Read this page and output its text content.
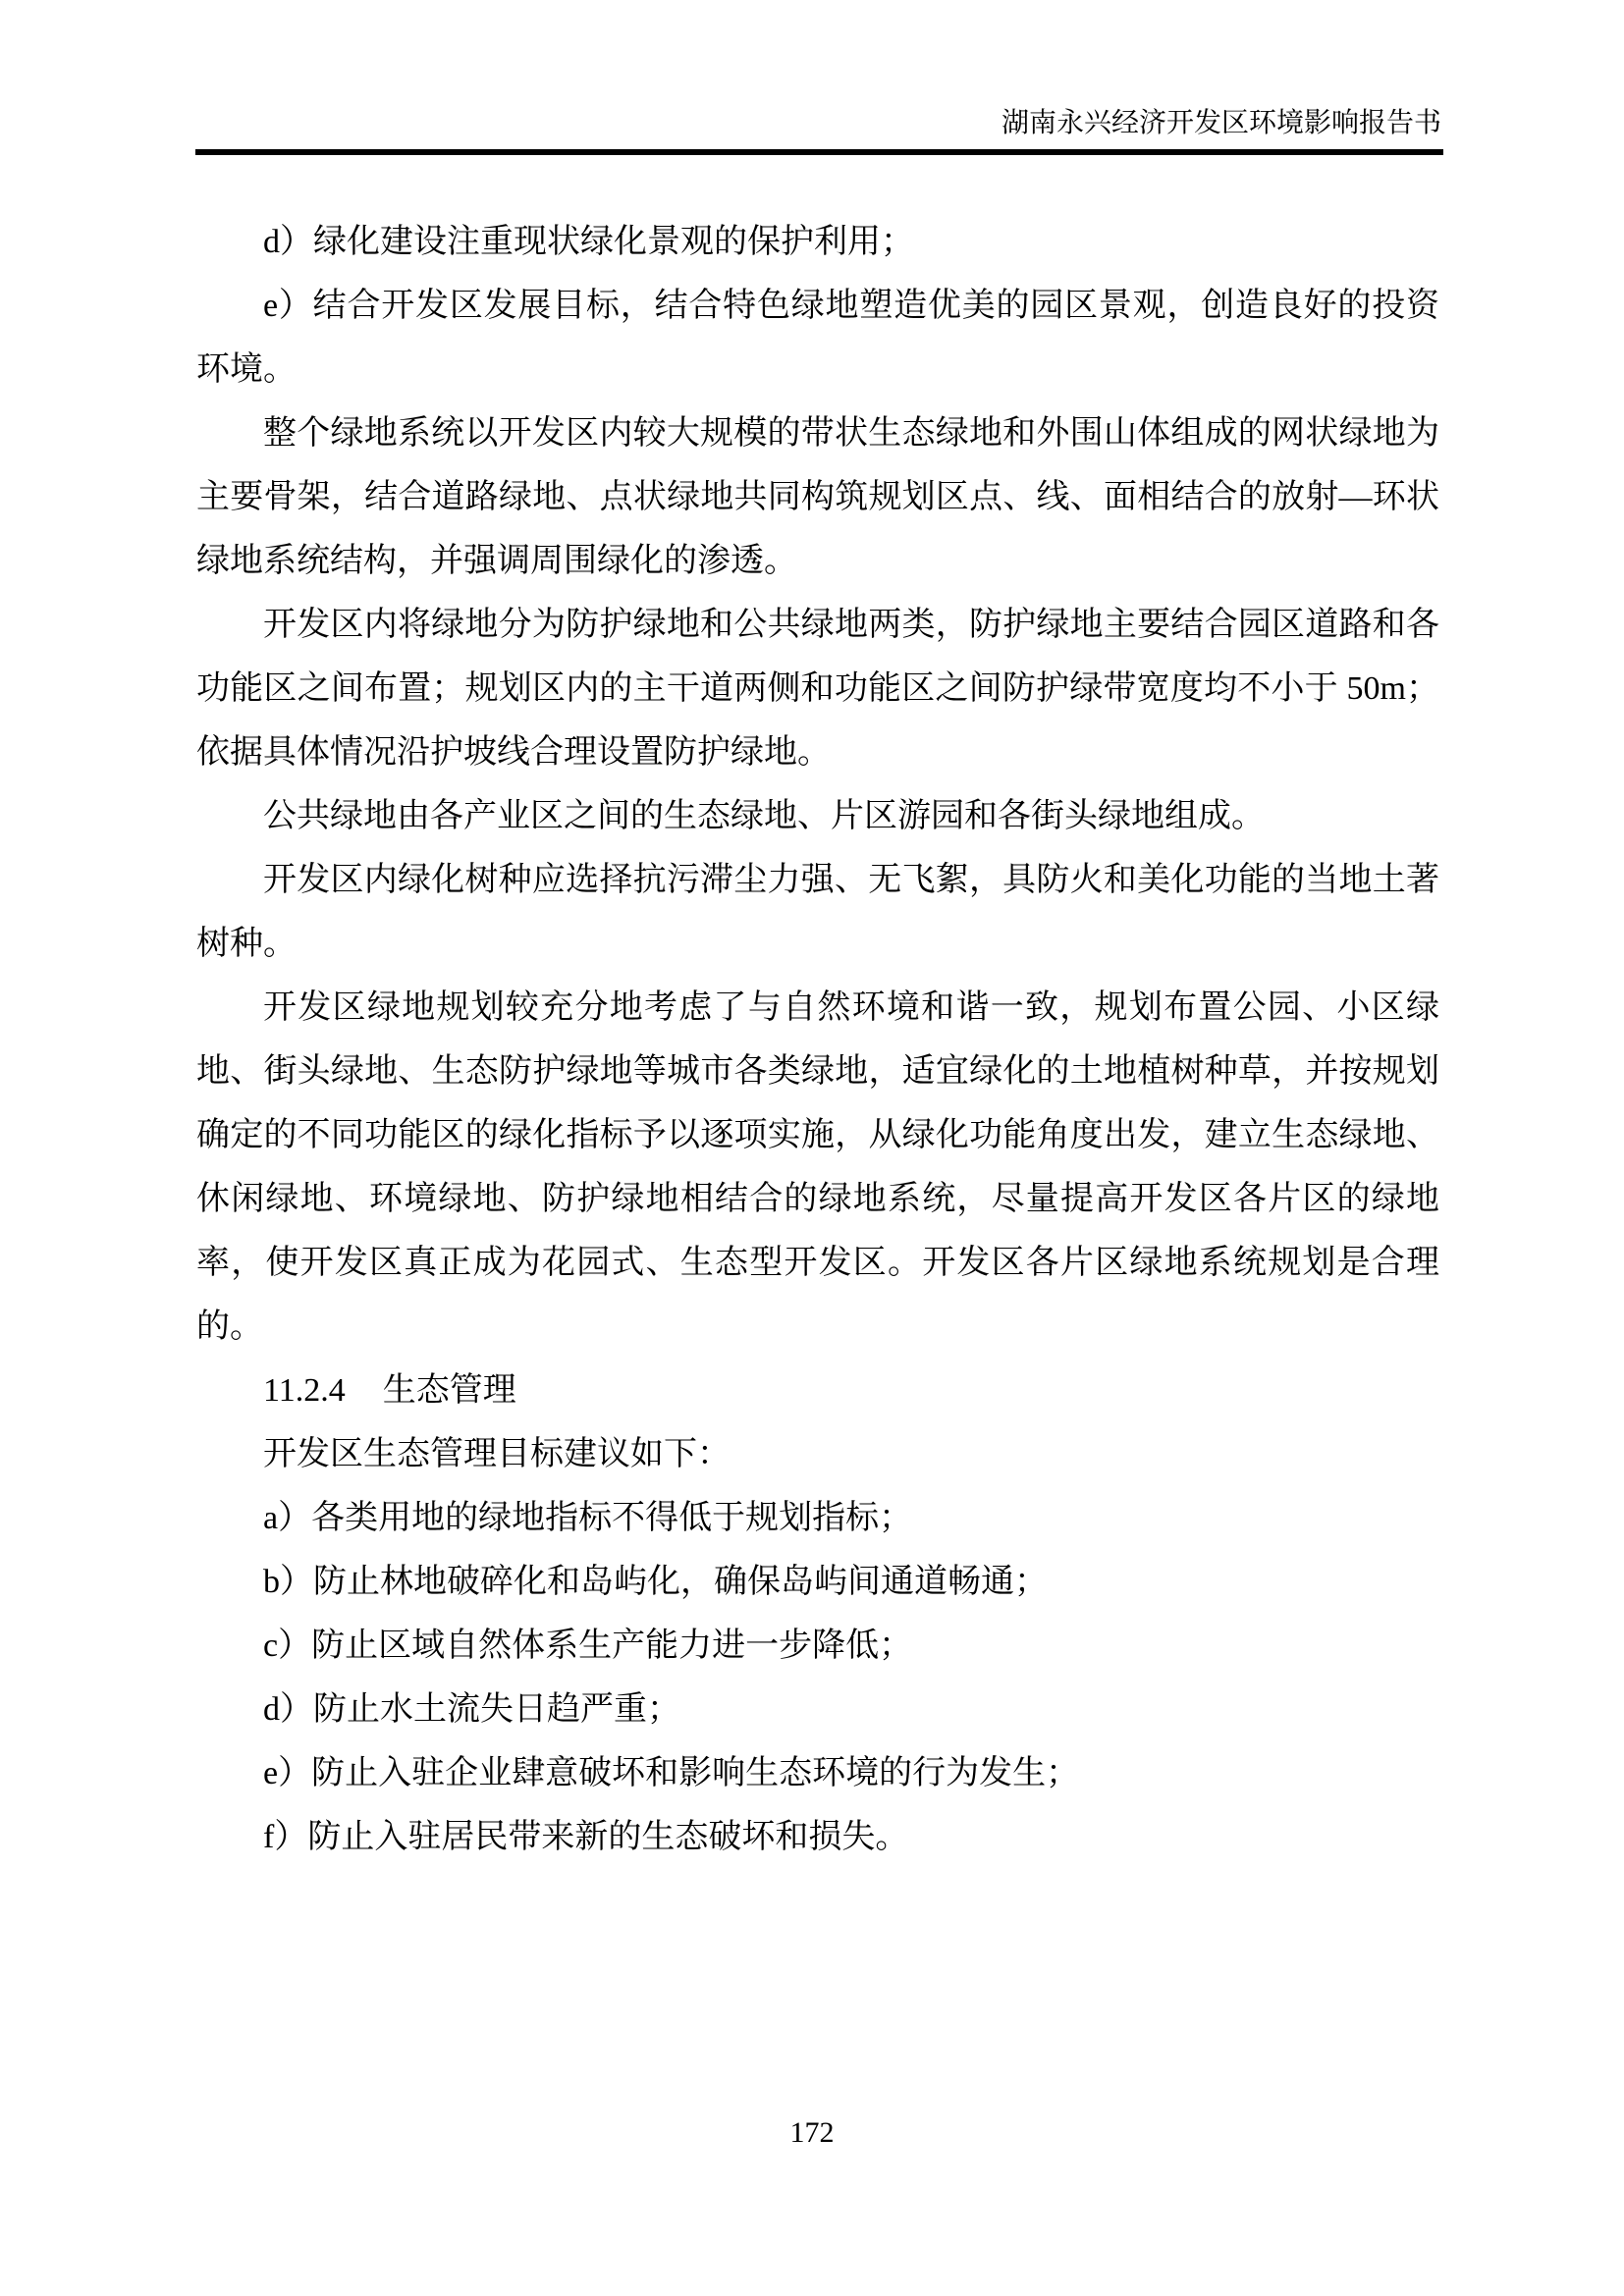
湖南永兴经济开发区环境影响报告书

d）绿化建设注重现状绿化景观的保护利用；

e）结合开发区发展目标，结合特色绿地塑造优美的园区景观，创造良好的投资环境。

整个绿地系统以开发区内较大规模的带状生态绿地和外围山体组成的网状绿地为主要骨架，结合道路绿地、点状绿地共同构筑规划区点、线、面相结合的放射—环状绿地系统结构，并强调周围绿化的渗透。

开发区内将绿地分为防护绿地和公共绿地两类，防护绿地主要结合园区道路和各功能区之间布置；规划区内的主干道两侧和功能区之间防护绿带宽度均不小于 50m；依据具体情况沿护坡线合理设置防护绿地。

公共绿地由各产业区之间的生态绿地、片区游园和各街头绿地组成。

开发区内绿化树种应选择抗污滞尘力强、无飞絮，具防火和美化功能的当地土著树种。

开发区绿地规划较充分地考虑了与自然环境和谐一致，规划布置公园、小区绿地、街头绿地、生态防护绿地等城市各类绿地，适宜绿化的土地植树种草，并按规划确定的不同功能区的绿化指标予以逐项实施，从绿化功能角度出发，建立生态绿地、休闲绿地、环境绿地、防护绿地相结合的绿地系统，尽量提高开发区各片区的绿地率，使开发区真正成为花园式、生态型开发区。开发区各片区绿地系统规划是合理的。

11.2.4 生态管理

开发区生态管理目标建议如下：

a）各类用地的绿地指标不得低于规划指标；

b）防止林地破碎化和岛屿化，确保岛屿间通道畅通；

c）防止区域自然体系生产能力进一步降低；

d）防止水土流失日趋严重；

e）防止入驻企业肆意破坏和影响生态环境的行为发生；

f）防止入驻居民带来新的生态破坏和损失。

172
